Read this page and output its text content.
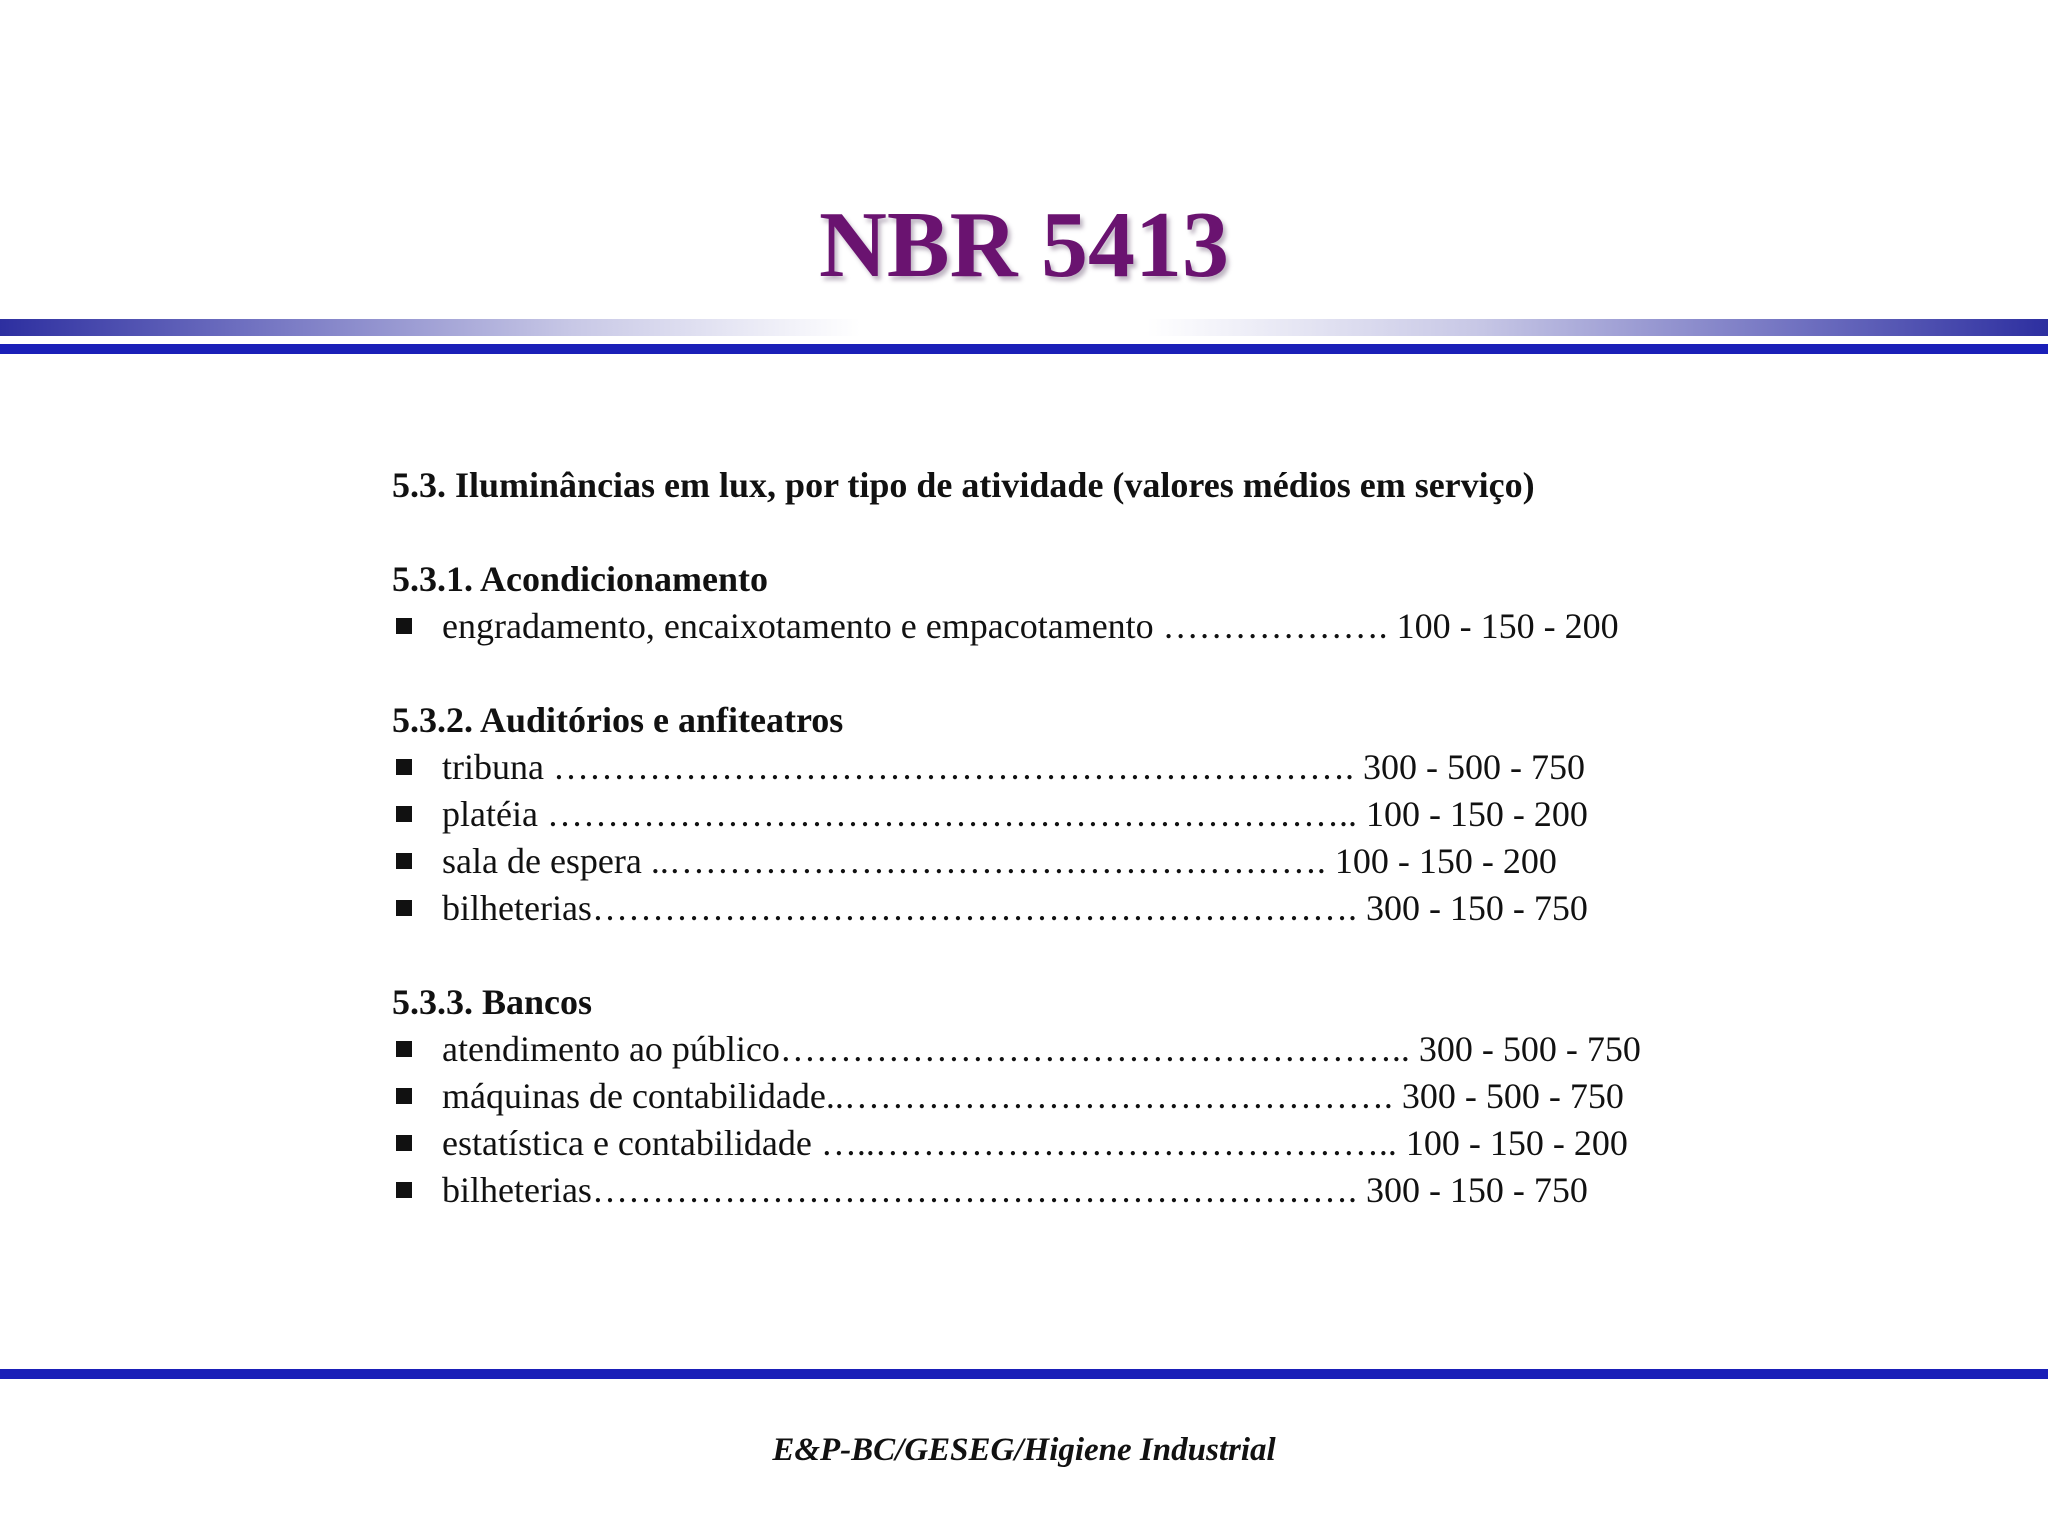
NBR 5413

5.3. Iluminâncias em lux, por tipo de atividade (valores médios em serviço)

5.3.1. Acondicionamento

engradamento, encaixotamento e empacotamento ………………. 100 - 150 - 200

5.3.2. Auditórios e anfiteatros

tribuna …………………………………………………………. 300 - 500 - 750
platéia ………………………………………………………….. 100 - 150 - 200
sala de espera ..………………………………………………. 100 - 150 - 200
bilheterias………………………………………………………. 300 - 150 - 750

5.3.3. Bancos

atendimento ao público…………………………………………….. 300 - 500 - 750
máquinas de contabilidade..………………………………………. 300 - 500 - 750
estatística e contabilidade …..…………………………………….. 100 - 150 - 200
bilheterias………………………………………………………. 300 - 150 - 750
E&P-BC/GESEG/Higiene Industrial
